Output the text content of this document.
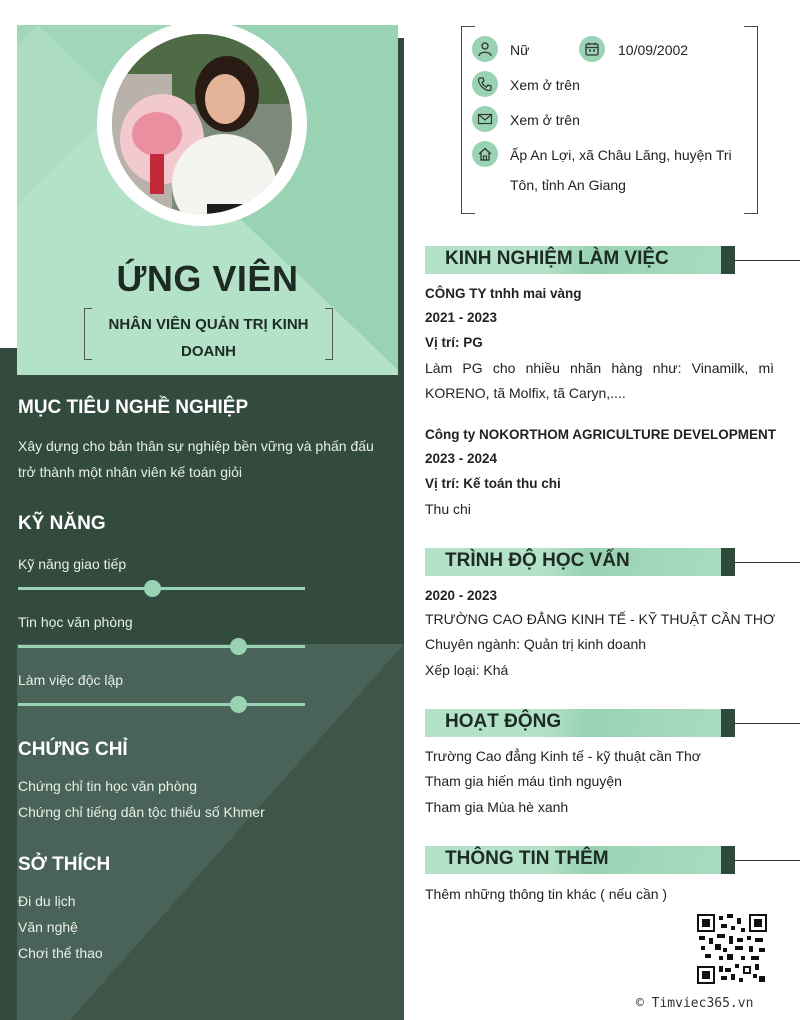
ỨNG VIÊN
NHÂN VIÊN QUẢN TRỊ KINH DOANH
MỤC TIÊU NGHỀ NGHIỆP
Xây dựng cho bản thân sự nghiệp bền vững và phấn đấu trở thành một nhân viên kế toán giỏi
KỸ NĂNG
Kỹ năng giao tiếp
Tin học văn phòng
Làm việc độc lập
CHỨNG CHỈ
Chứng chỉ tin học văn phòng
Chứng chỉ tiếng dân tộc thiểu số Khmer
SỞ THÍCH
Đi du lịch
Văn nghệ
Chơi thể thao
Nữ	10/09/2002
Xem ở trên
Xem ở trên
Ấp An Lợi, xã Châu Lăng, huyện Tri
Tôn, tỉnh An Giang
KINH NGHIỆM LÀM VIỆC
CÔNG TY tnhh mai vàng
2021 - 2023
Vị trí: PG
Làm PG cho nhiều nhãn hàng như: Vinamilk, mì KORENO, tã Molfix, tã Caryn,....
Công ty NOKORTHOM AGRICULTURE DEVELOPMENT
2023 - 2024
Vị trí: Kế toán thu chi
Thu chi
TRÌNH ĐỘ HỌC VẤN
2020 - 2023
TRƯỜNG CAO ĐẲNG KINH TẾ - KỸ THUẬT CẦN THƠ
Chuyên ngành: Quản trị kinh doanh
Xếp loại: Khá
HOẠT ĐỘNG
Trường Cao đẳng Kinh tế - kỹ thuật cần Thơ
Tham gia hiến máu tình nguyện
Tham gia Mùa hè xanh
THÔNG TIN THÊM
Thêm những thông tin khác ( nếu cần )
© Timviec365.vn
